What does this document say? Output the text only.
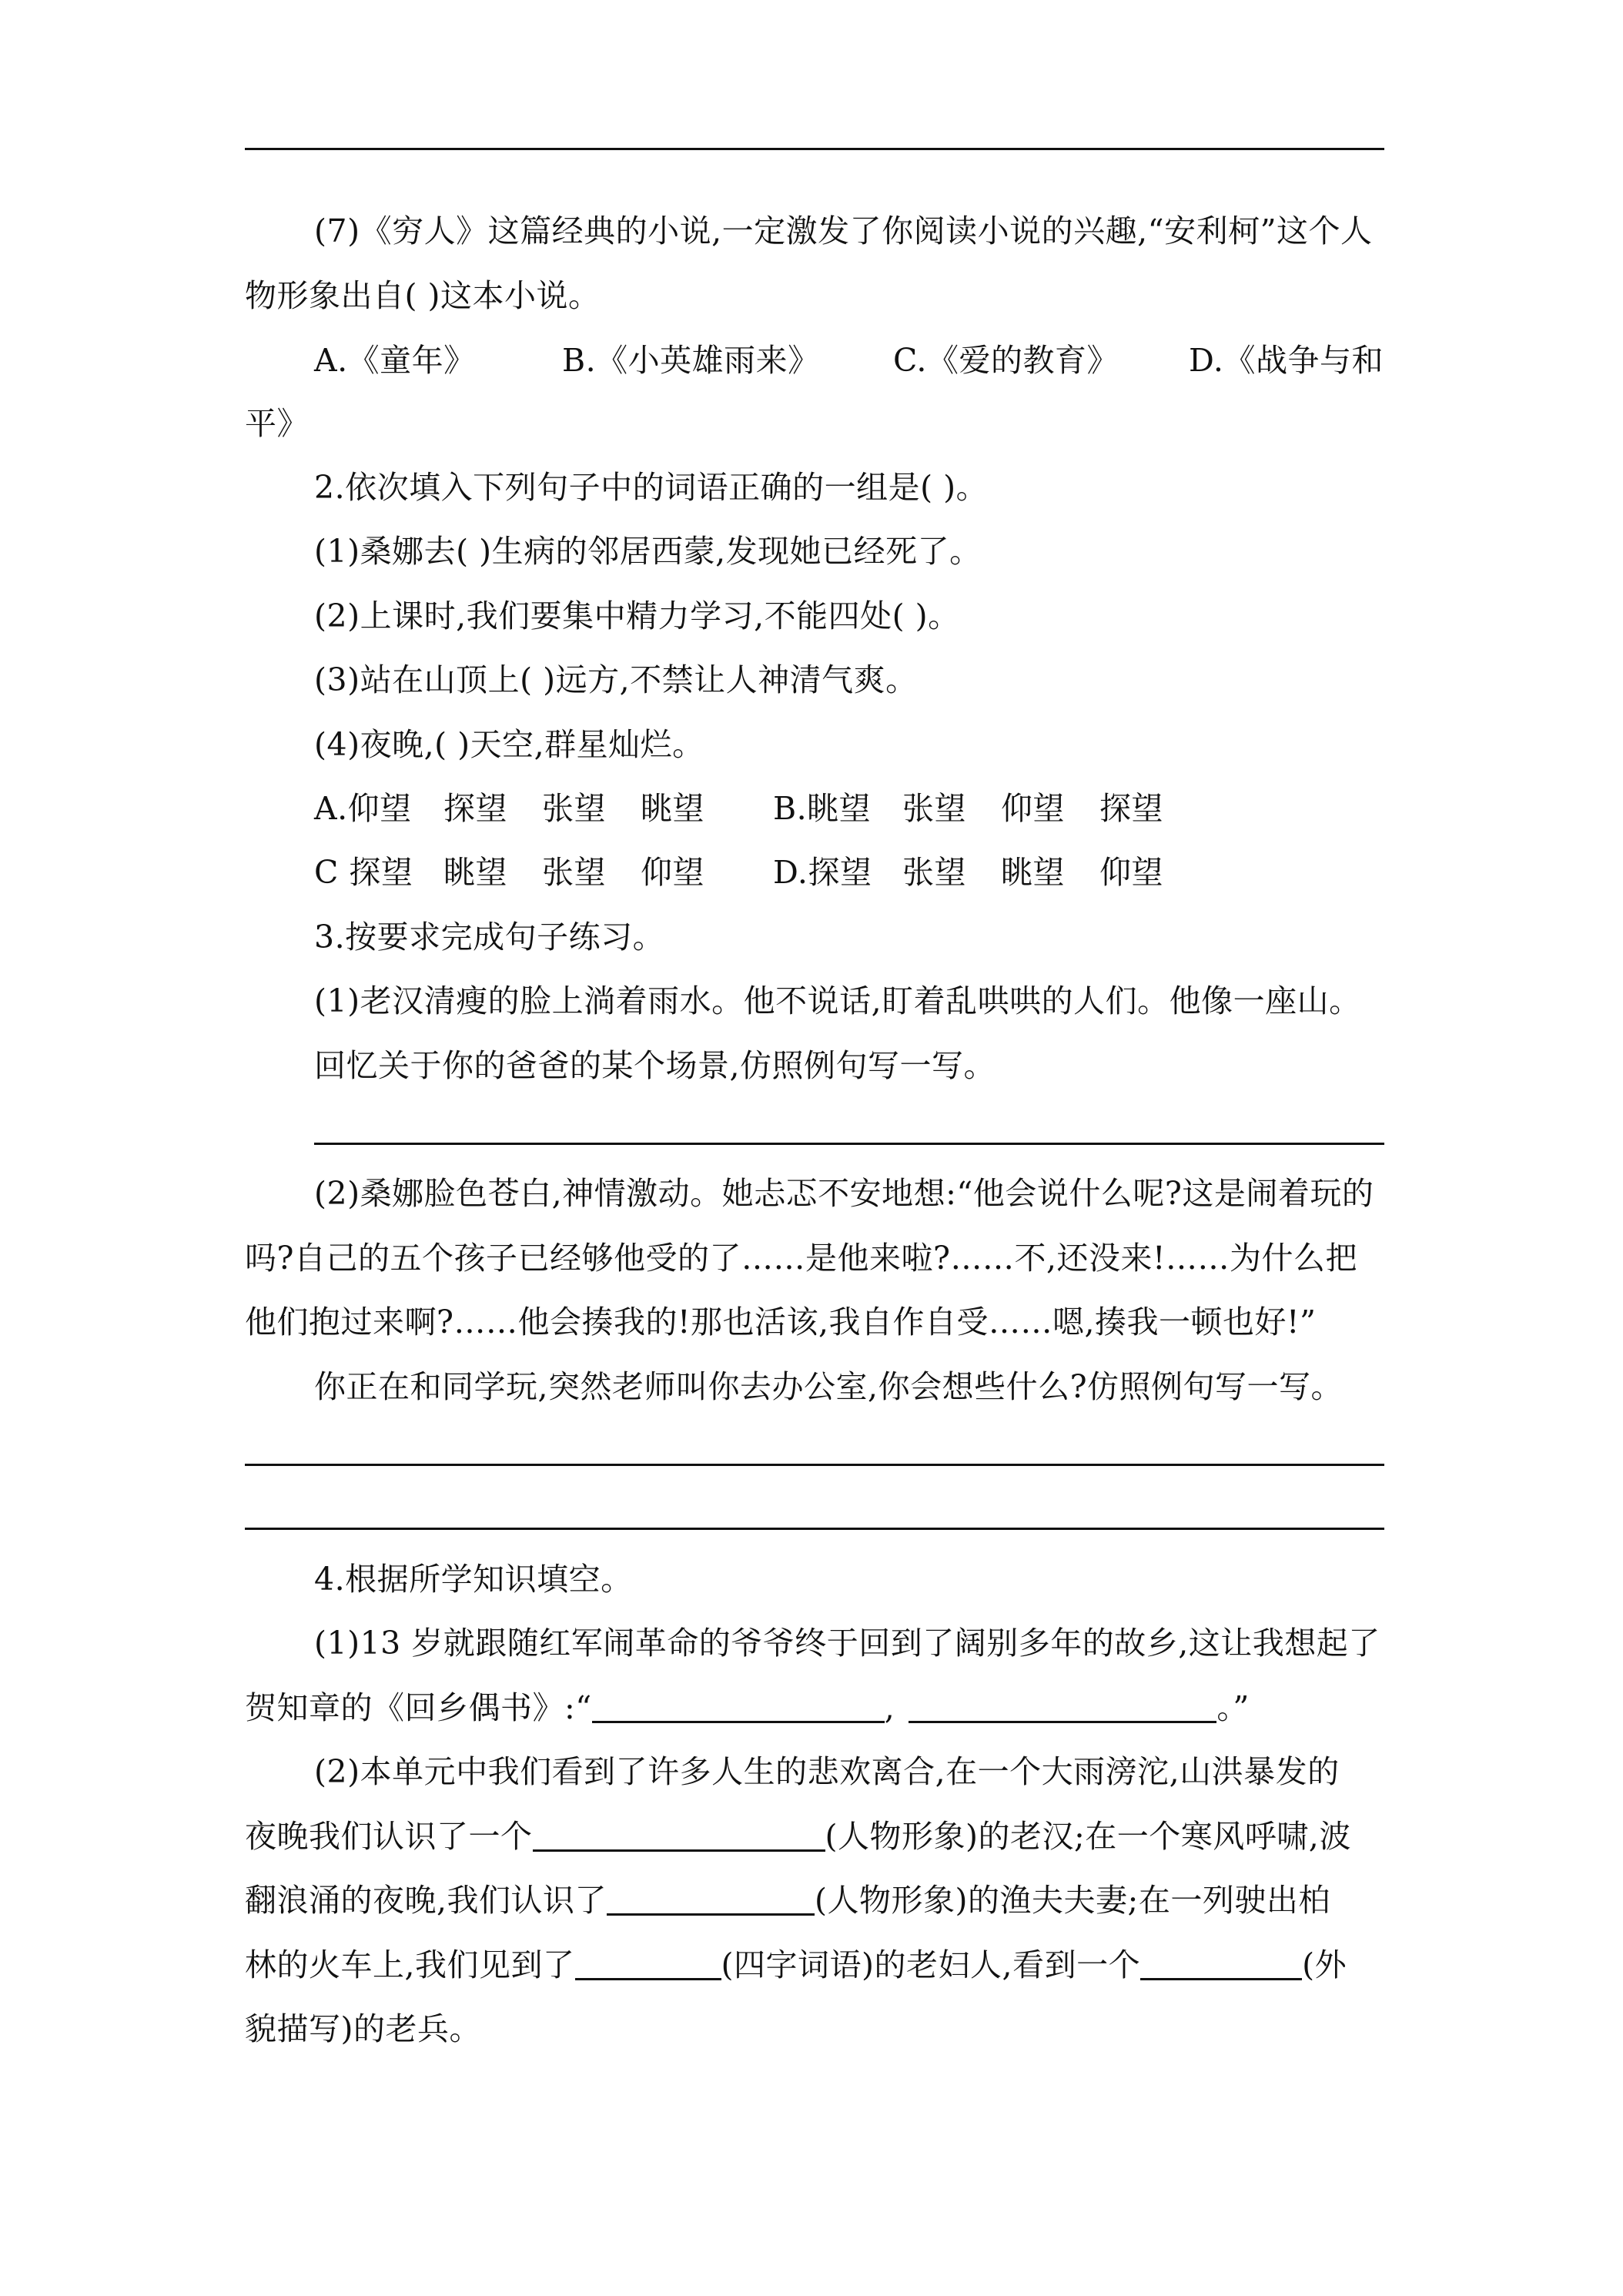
(7)《穷人》这篇经典的小说,一定激发了你阅读小说的兴趣,“安利柯”这个人
物形象出自( )这本小说。
A.《童年》	B.《小英雄雨来》 C.《爱的教育》 D.《战争与和
平》
2.依次填入下列句子中的词语正确的一组是( )。
(1)桑娜去( )生病的邻居西蒙,发现她已经死了。
(2)上课时,我们要集中精力学习,不能四处( )。
(3)站在山顶上( )远方,不禁让人神清气爽。
(4)夜晚,( )天空,群星灿烂。
A.仰望 探望 张望 眺望 B.眺望 张望 仰望 探望
C 探望 眺望 张望 仰望 D.探望 张望 眺望 仰望
3.按要求完成句子练习。
(1)老汉清瘦的脸上淌着雨水。他不说话,盯着乱哄哄的人们。他像一座山。
回忆关于你的爸爸的某个场景,仿照例句写一写。
(2)桑娜脸色苍白,神情激动。她忐忑不安地想:“他会说什么呢?这是闹着玩的
吗?自己的五个孩子已经够他受的了……是他来啦?……不,还没来!……为什么把
他们抱过来啊?……他会揍我的!那也活该,我自作自受……嗯,揍我一顿也好!”
你正在和同学玩,突然老师叫你去办公室,你会想些什么?仿照例句写一写。
4.根据所学知识填空。
(1)13 岁就跟随红军闹革命的爷爷终于回到了阔别多年的故乡,这让我想起了
贺知章的《回乡偶书》:“	,	。”
(2)本单元中我们看到了许多人生的悲欢离合,在一个大雨滂沱,山洪暴发的
夜晚我们认识了一个	(人物形象)的老汉;在一个寒风呼啸,波
翻浪涌的夜晚,我们认识了	(人物形象)的渔夫夫妻;在一列驶出柏
林的火车上,我们见到了	(四字词语)的老妇人,看到一个	(外
貌描写)的老兵。
